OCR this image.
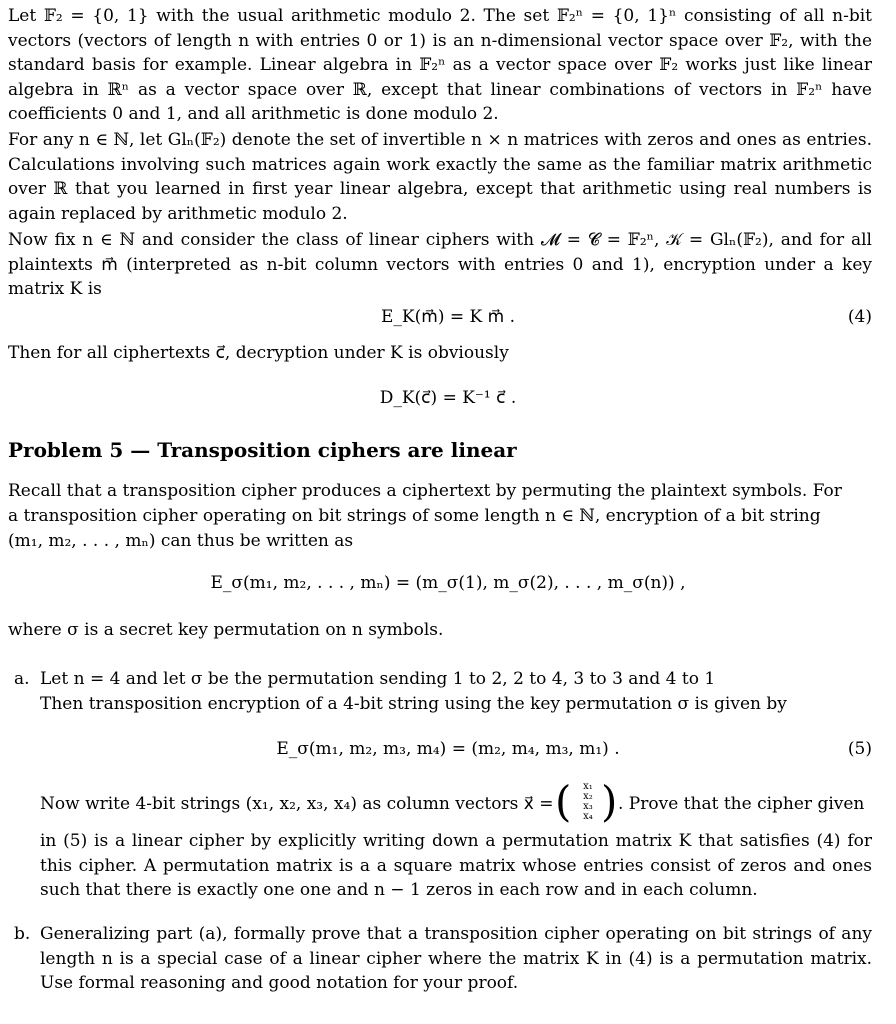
Let 𝔽₂ = {0, 1} with the usual arithmetic modulo 2. The set 𝔽₂ⁿ = {0, 1}ⁿ consisting of all n-bit vectors (vectors of length n with entries 0 or 1) is an n-dimensional vector space over 𝔽₂, with the standard basis for example. Linear algebra in 𝔽₂ⁿ as a vector space over 𝔽₂ works just like linear algebra in ℝⁿ as a vector space over ℝ, except that linear combinations of vectors in 𝔽₂ⁿ have coefficients 0 and 1, and all arithmetic is done modulo 2.

For any n ∈ ℕ, let Glₙ(𝔽₂) denote the set of invertible n × n matrices with zeros and ones as entries. Calculations involving such matrices again work exactly the same as the familiar matrix arithmetic over ℝ that you learned in first year linear algebra, except that arithmetic using real numbers is again replaced by arithmetic modulo 2.

Now fix n ∈ ℕ and consider the class of linear ciphers with 𝓜 = 𝓒 = 𝔽₂ⁿ, 𝒦 = Glₙ(𝔽₂), and for all plaintexts m⃗ (interpreted as n-bit column vectors with entries 0 and 1), encryption under a key matrix K is

E_K(m⃗) = K m⃗ .	(4)

Then for all ciphertexts c⃗, decryption under K is obviously

D_K(c⃗) = K⁻¹ c⃗ .
Problem 5 — Transposition ciphers are linear

Recall that a transposition cipher produces a ciphertext by permuting the plaintext symbols. For

a transposition cipher operating on bit strings of some length n ∈ ℕ, encryption of a bit string

(m₁, m₂, . . . , mₙ) can thus be written as

E_σ(m₁, m₂, . . . , mₙ) = (m_σ(1), m_σ(2), . . . , m_σ(n)) ,

where σ is a secret key permutation on n symbols.

a. Let n = 4 and let σ be the permutation sending 1 to 2, 2 to 4, 3 to 3 and 4 to 1

Then transposition encryption of a 4-bit string using the key permutation σ is given by

E_σ(m₁, m₂, m₃, m₄) = (m₂, m₄, m₃, m₁) .	(5)
Now write 4-bit strings (x₁, x₂, x₃, x₄) as column vectors x⃗ = (	x₁
x₂
x₃
x₄ ) . Prove that the cipher given

in (5) is a linear cipher by explicitly writing down a permutation matrix K that satisfies (4) for this cipher. A permutation matrix is a a square matrix whose entries consist of zeros and ones such that there is exactly one one and n − 1 zeros in each row and in each column.

b. Generalizing part (a), formally prove that a transposition cipher operating on bit strings of any length n is a special case of a linear cipher where the matrix K in (4) is a permutation matrix. Use formal reasoning and good notation for your proof.
